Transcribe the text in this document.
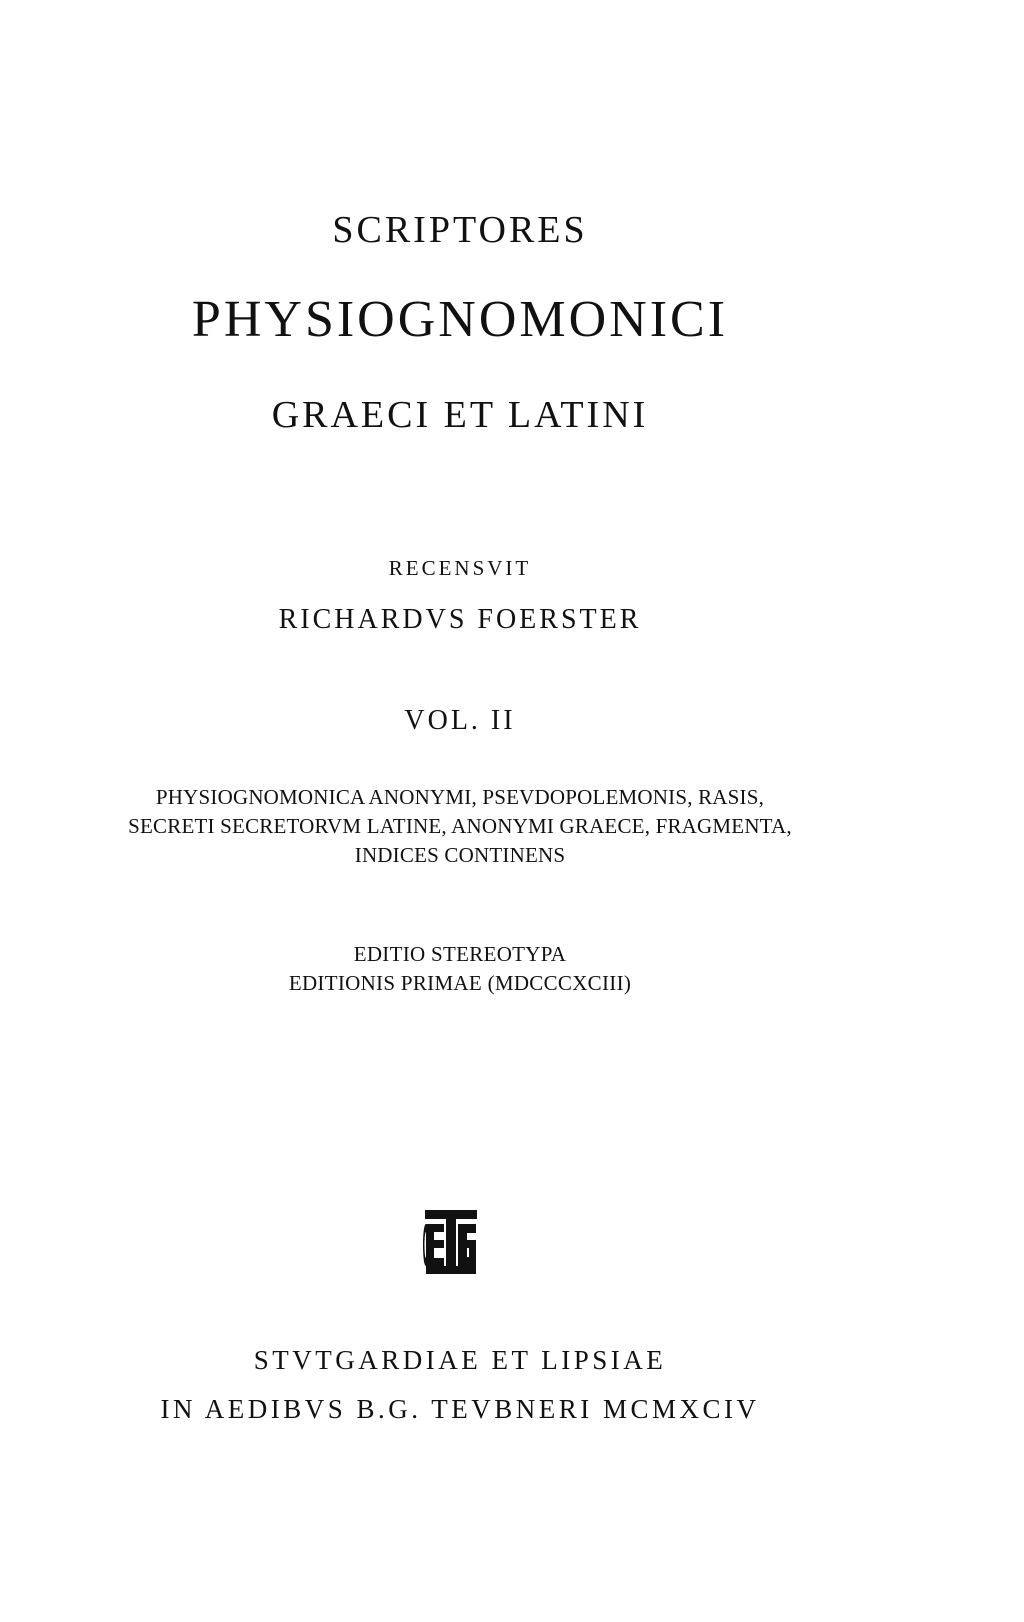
SCRIPTORES
PHYSIOGNOMONICI
GRAECI ET LATINI
RECENSVIT
RICHARDVS FOERSTER
VOL. II
PHYSIOGNOMONICA ANONYMI, PSEVDOPOLEMONIS, RASIS,
SECRETI SECRETORVM LATINE, ANONYMI GRAECE, FRAGMENTA,
INDICES CONTINENS
EDITIO STEREOTYPA
EDITIONIS PRIMAE (MDCCCXCIII)
STVTGARDIAE ET LIPSIAE
IN AEDIBVS B.G. TEVBNERI MCMXCIV
